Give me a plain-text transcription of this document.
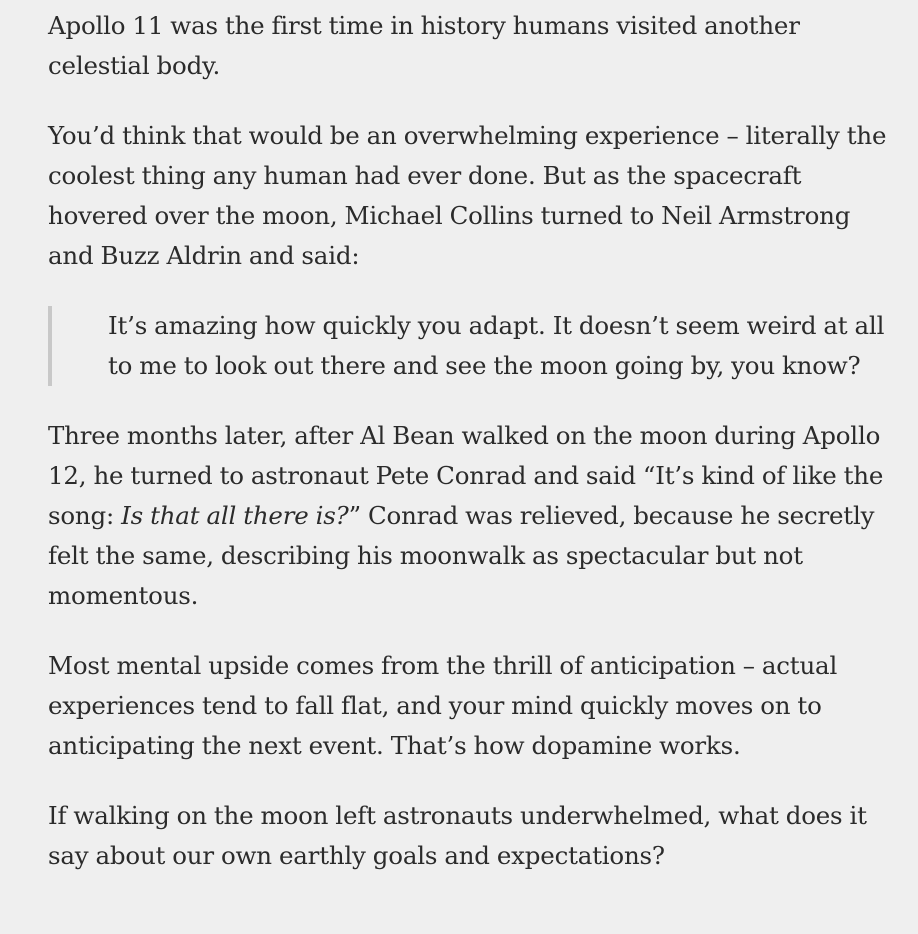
Apollo 11 was the first time in history humans visited another celestial body.

You’d think that would be an overwhelming experience – literally the coolest thing any human had ever done. But as the spacecraft hovered over the moon, Michael Collins turned to Neil Armstrong and Buzz Aldrin and said:

It’s amazing how quickly you adapt. It doesn’t seem weird at all to me to look out there and see the moon going by, you know?

Three months later, after Al Bean walked on the moon during Apollo 12, he turned to astronaut Pete Conrad and said “It’s kind of like the song: Is that all there is?” Conrad was relieved, because he secretly felt the same, describing his moonwalk as spectacular but not momentous.

Most mental upside comes from the thrill of anticipation – actual experiences tend to fall flat, and your mind quickly moves on to anticipating the next event. That’s how dopamine works.

If walking on the moon left astronauts underwhelmed, what does it say about our own earthly goals and expectations?
